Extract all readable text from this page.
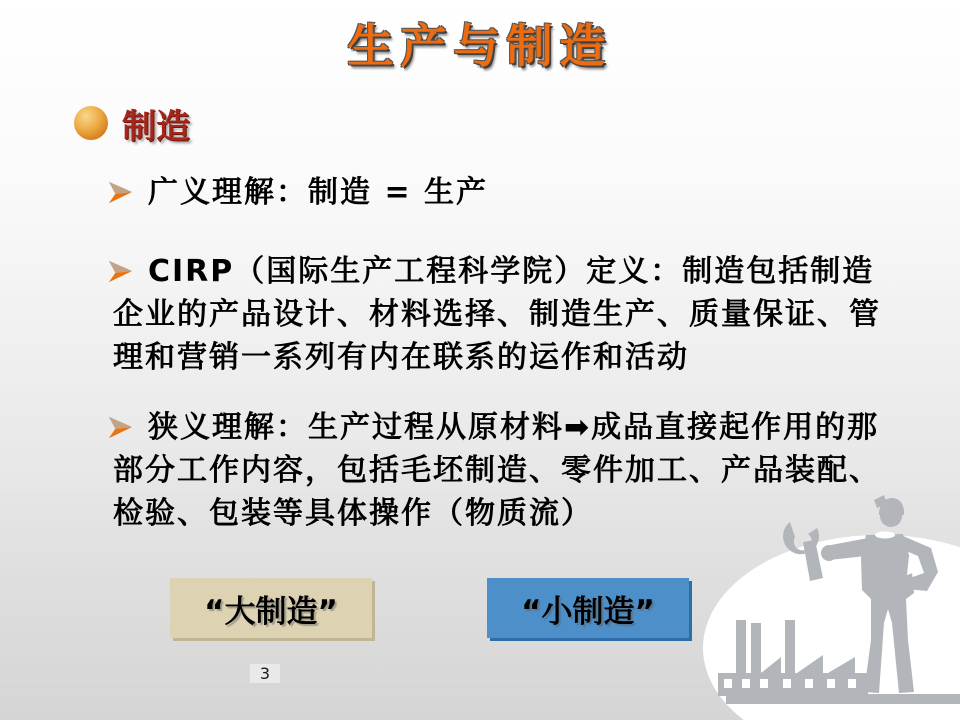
生产与制造
制造
广义理解：制造 = 生产
CIRP（国际生产工程科学院）定义：制造包括制造
企业的产品设计、材料选择、制造生产、质量保证、管
理和营销一系列有内在联系的运作和活动
狭义理解：生产过程从原材料➡成品直接起作用的那
部分工作内容，包括毛坯制造、零件加工、产品装配、
检验、包装等具体操作（物质流）
“大制造”	“小制造”
3
